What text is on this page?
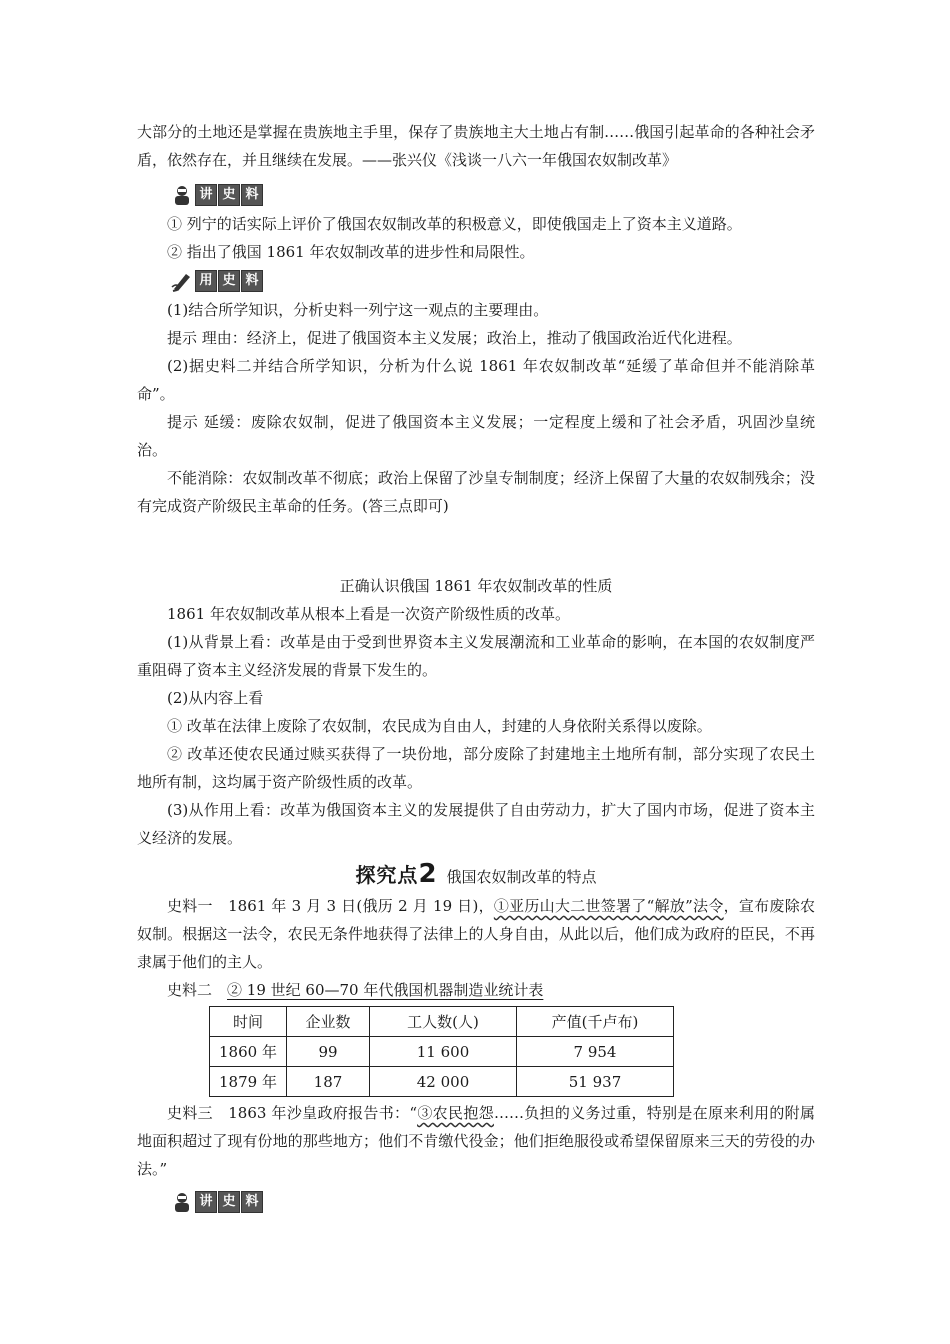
大部分的土地还是掌握在贵族地主手里，保存了贵族地主大土地占有制……俄国引起革命的各种社会矛盾，依然存在，并且继续在发展。——张兴仪《浅谈一八六一年俄国农奴制改革》

讲 史 料

① 列宁的话实际上评价了俄国农奴制改革的积极意义，即使俄国走上了资本主义道路。

② 指出了俄国 1861 年农奴制改革的进步性和局限性。

用 史 料

(1)结合所学知识，分析史料一列宁这一观点的主要理由。

提示 理由：经济上，促进了俄国资本主义发展；政治上，推动了俄国政治近代化进程。

(2)据史料二并结合所学知识，分析为什么说 1861 年农奴制改革“延缓了革命但并不能消除革命”。

提示 延缓：废除农奴制，促进了俄国资本主义发展；一定程度上缓和了社会矛盾，巩固沙皇统治。

不能消除：农奴制改革不彻底；政治上保留了沙皇专制制度；经济上保留了大量的农奴制残余；没有完成资产阶级民主革命的任务。(答三点即可)

正确认识俄国 1861 年农奴制改革的性质

1861 年农奴制改革从根本上看是一次资产阶级性质的改革。

(1)从背景上看：改革是由于受到世界资本主义发展潮流和工业革命的影响，在本国的农奴制度严重阻碍了资本主义经济发展的背景下发生的。

(2)从内容上看

① 改革在法律上废除了农奴制，农民成为自由人，封建的人身依附关系得以废除。

② 改革还使农民通过赎买获得了一块份地，部分废除了封建地主土地所有制，部分实现了农民土地所有制，这均属于资产阶级性质的改革。

(3)从作用上看：改革为俄国资本主义的发展提供了自由劳动力，扩大了国内市场，促进了资本主义经济的发展。

探究点2 俄国农奴制改革的特点

史料一　1861 年 3 月 3 日(俄历 2 月 19 日)，①亚历山大二世签署了“解放”法令，宣布废除农奴制。根据这一法令，农民无条件地获得了法律上的人身自由，从此以后，他们成为政府的臣民，不再隶属于他们的主人。

史料二　② 19 世纪 60—70 年代俄国机器制造业统计表

时间	企业数	工人数(人)	产值(千卢布)
1860 年	99	11 600	7 954
1879 年	187	42 000	51 937

史料三　1863 年沙皇政府报告书：“③农民抱怨……负担的义务过重，特别是在原来利用的附属地面积超过了现有份地的那些地方；他们不肯缴代役金；他们拒绝服役或希望保留原来三天的劳役的办法。”

讲 史 料
